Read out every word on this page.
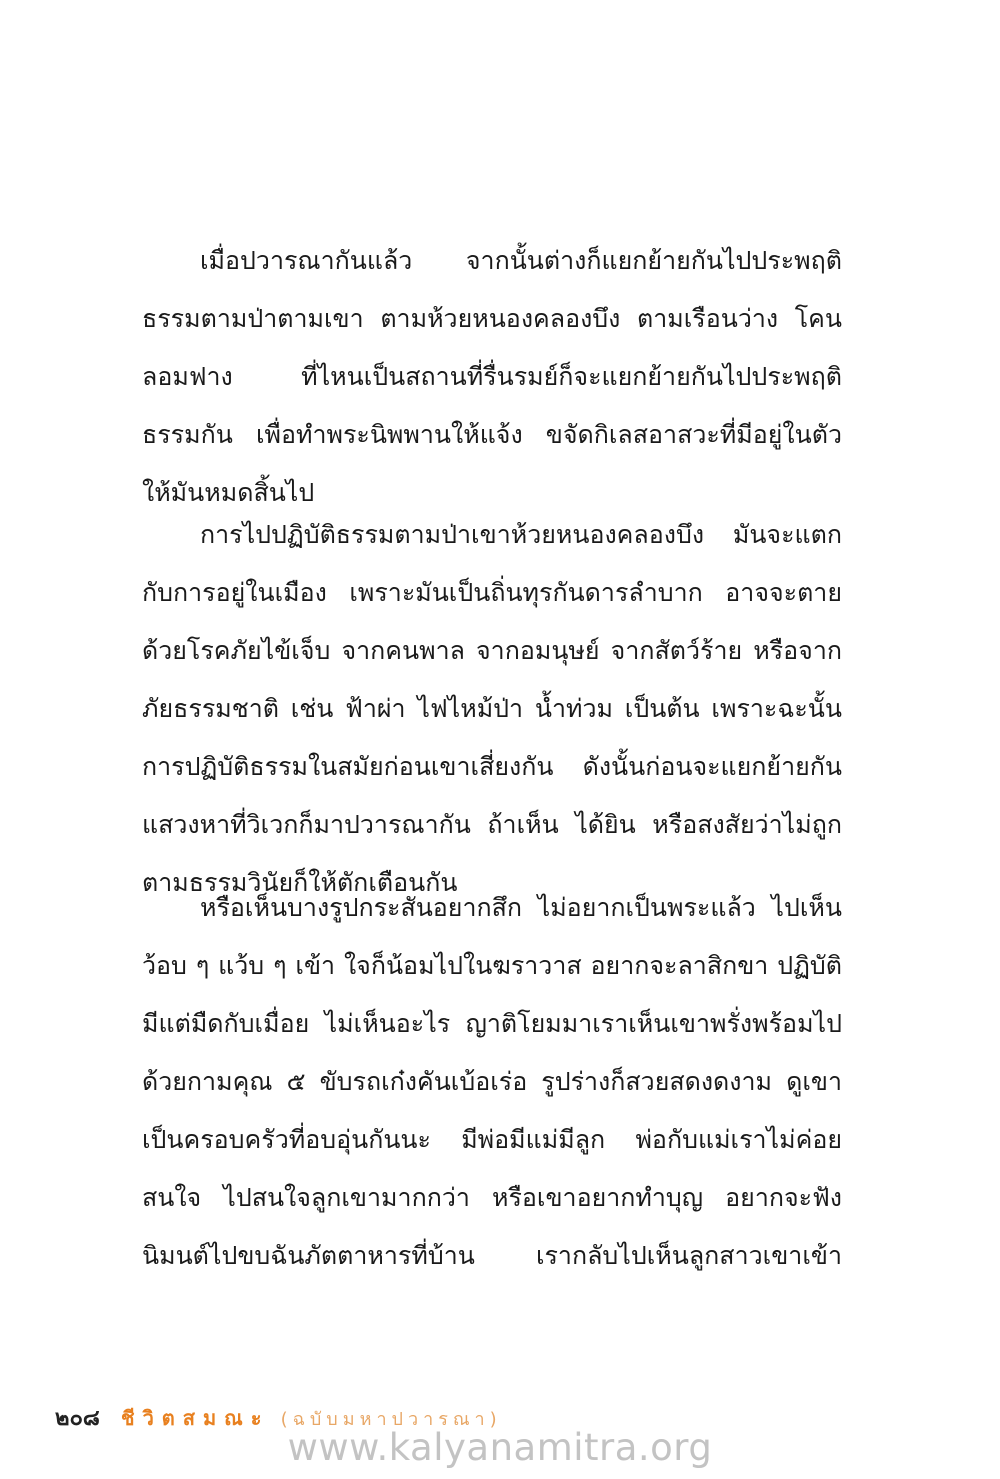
เมื่อปวารณากันแล้ว จากนั้นต่างก็แยกย้ายกันไปประพฤติ
ธรรมตามป่าตามเขา ตามห้วยหนองคลองบึง ตามเรือนว่าง โคน
ลอมฟาง ที่ไหนเป็นสถานที่รื่นรมย์ก็จะแยกย้ายกันไปประพฤติ
ธรรมกัน เพื่อทำพระนิพพานให้แจ้ง ขจัดกิเลสอาสวะที่มีอยู่ในตัว
ให้มันหมดสิ้นไป
การไปปฏิบัติธรรมตามป่าเขาห้วยหนองคลองบึง มันจะแตก
กับการอยู่ในเมือง เพราะมันเป็นถิ่นทุรกันดารลำบาก อาจจะตาย
ด้วยโรคภัยไข้เจ็บ จากคนพาล จากอมนุษย์ จากสัตว์ร้าย หรือจาก
ภัยธรรมชาติ เช่น ฟ้าผ่า ไฟไหม้ป่า น้ำท่วม เป็นต้น เพราะฉะนั้น
การปฏิบัติธรรมในสมัยก่อนเขาเสี่ยงกัน ดังนั้นก่อนจะแยกย้ายกัน
แสวงหาที่วิเวกก็มาปวารณากัน ถ้าเห็น ได้ยิน หรือสงสัยว่าไม่ถูก
ตามธรรมวินัยก็ให้ตักเตือนกัน
หรือเห็นบางรูปกระสันอยากสึก ไม่อยากเป็นพระแล้ว ไปเห็น
ว้อบ ๆ แว้บ ๆ เข้า ใจก็น้อมไปในฆราวาส อยากจะลาสิกขา ปฏิบัติ
มีแต่มืดกับเมื่อย ไม่เห็นอะไร ญาติโยมมาเราเห็นเขาพรั่งพร้อมไป
ด้วยกามคุณ ๕ ขับรถเก๋งคันเบ้อเร่อ รูปร่างก็สวยสดงดงาม ดูเขา
เป็นครอบครัวที่อบอุ่นกันนะ มีพ่อมีแม่มีลูก พ่อกับแม่เราไม่ค่อย
สนใจ ไปสนใจลูกเขามากกว่า หรือเขาอยากทำบุญ อยากจะฟัง
นิมนต์ไปขบฉันภัตตาหารที่บ้าน เรากลับไปเห็นลูกสาวเขาเข้า
๒๐๘ ชีวิตสมณะ (ฉบับมหาปวารณา)
www.kalyanamitra.org
